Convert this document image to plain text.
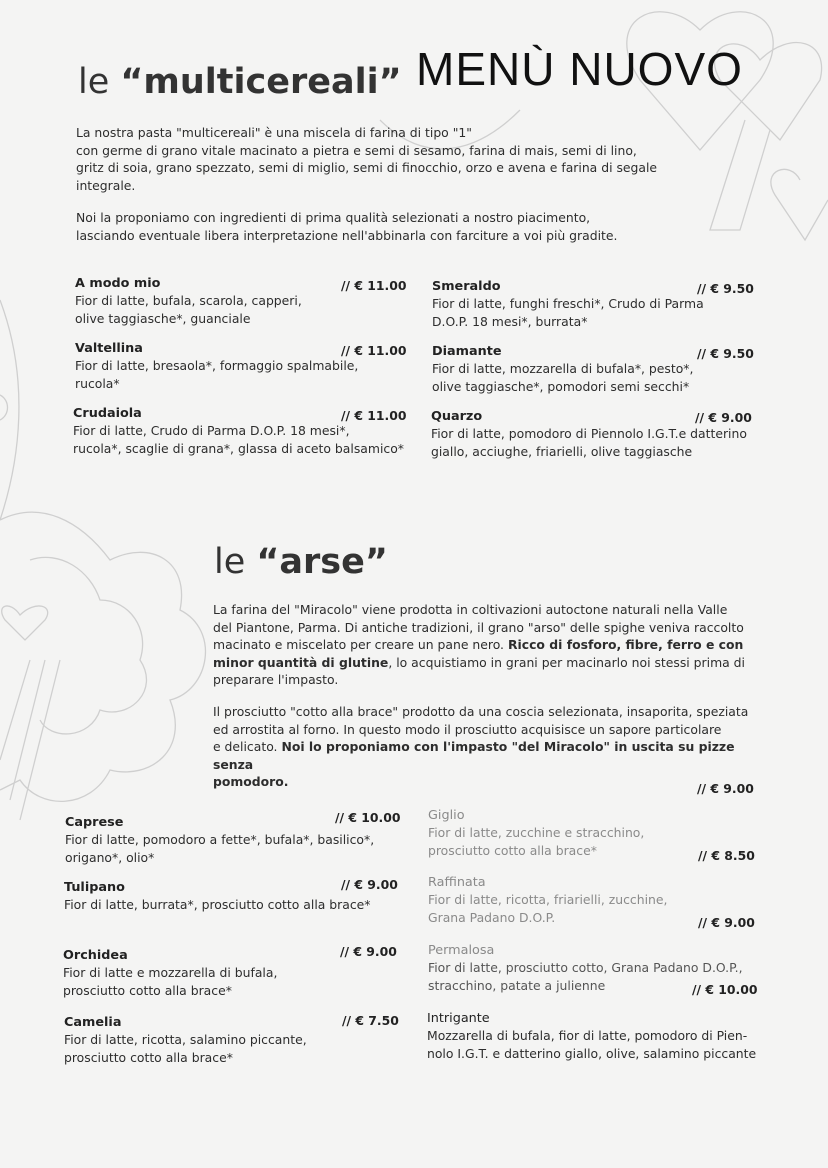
MENÙ NUOVO
le “multicereali”
La nostra pasta "multicereali" è una miscela di farina di tipo "1"
con germe di grano vitale macinato a pietra e semi di sesamo, farina di mais, semi di lino,
gritz di soia, grano spezzato, semi di miglio, semi di finocchio, orzo e avena e farina di segale
integrale.
Noi la proponiamo con ingredienti di prima qualità selezionati a nostro piacimento,
lasciando eventuale libera interpretazione nell'abbinarla con farciture a voi più gradite.
A modo mio
Fior di latte, bufala, scarola, capperi,
olive taggiasche*, guanciale
// € 11.00
Valtellina
Fior di latte, bresaola*, formaggio spalmabile,
rucola*
// € 11.00
Crudaiola
Fior di latte, Crudo di Parma D.O.P. 18 mesi*,
rucola*, scaglie di grana*, glassa di aceto balsamico*
// € 11.00
Smeraldo
Fior di latte, funghi freschi*, Crudo di Parma
D.O.P. 18 mesi*, burrata*
// € 9.50
Diamante
Fior di latte, mozzarella di bufala*, pesto*,
olive taggiasche*, pomodori semi secchi*
// € 9.50
Quarzo
Fior di latte, pomodoro di Piennolo I.G.T.e datterino
giallo, acciughe, friarielli, olive taggiasche
// € 9.00
le “arse”
La farina del "Miracolo" viene prodotta in coltivazioni autoctone naturali nella Valle
del Piantone, Parma. Di antiche tradizioni, il grano "arso" delle spighe veniva raccolto
macinato e miscelato per creare un pane nero. Ricco di fosforo, fibre, ferro e con
minor quantità di glutine, lo acquistiamo in grani per macinarlo noi stessi prima di
preparare l'impasto.
Il prosciutto "cotto alla brace" prodotto da una coscia selezionata, insaporita, speziata
ed arrostita al forno. In questo modo il prosciutto acquisisce un sapore particolare
e delicato. Noi lo proponiamo con l'impasto "del Miracolo" in uscita su pizze senza
pomodoro.
Caprese
Fior di latte, pomodoro a fette*, bufala*, basilico*,
origano*, olio*
// € 10.00
Tulipano
Fior di latte, burrata*, prosciutto cotto alla brace*
// € 9.00
Orchidea
Fior di latte e mozzarella di bufala,
prosciutto cotto alla brace*
// € 9.00
Camelia
Fior di latte, ricotta, salamino piccante,
prosciutto cotto alla brace*
// € 7.50
// € 9.00
Giglio
Fior di latte, zucchine e stracchino,
prosciutto cotto alla brace*	// € 8.50
Raffinata
Fior di latte, ricotta, friarielli, zucchine,
Grana Padano D.O.P.	// € 9.00
Permalosa
Fior di latte, prosciutto cotto, Grana Padano D.O.P.,
stracchino, patate a julienne	// € 10.00
Intrigante
Mozzarella di bufala, fior di latte, pomodoro di Pien-
nolo I.G.T. e datterino giallo, olive, salamino piccante
